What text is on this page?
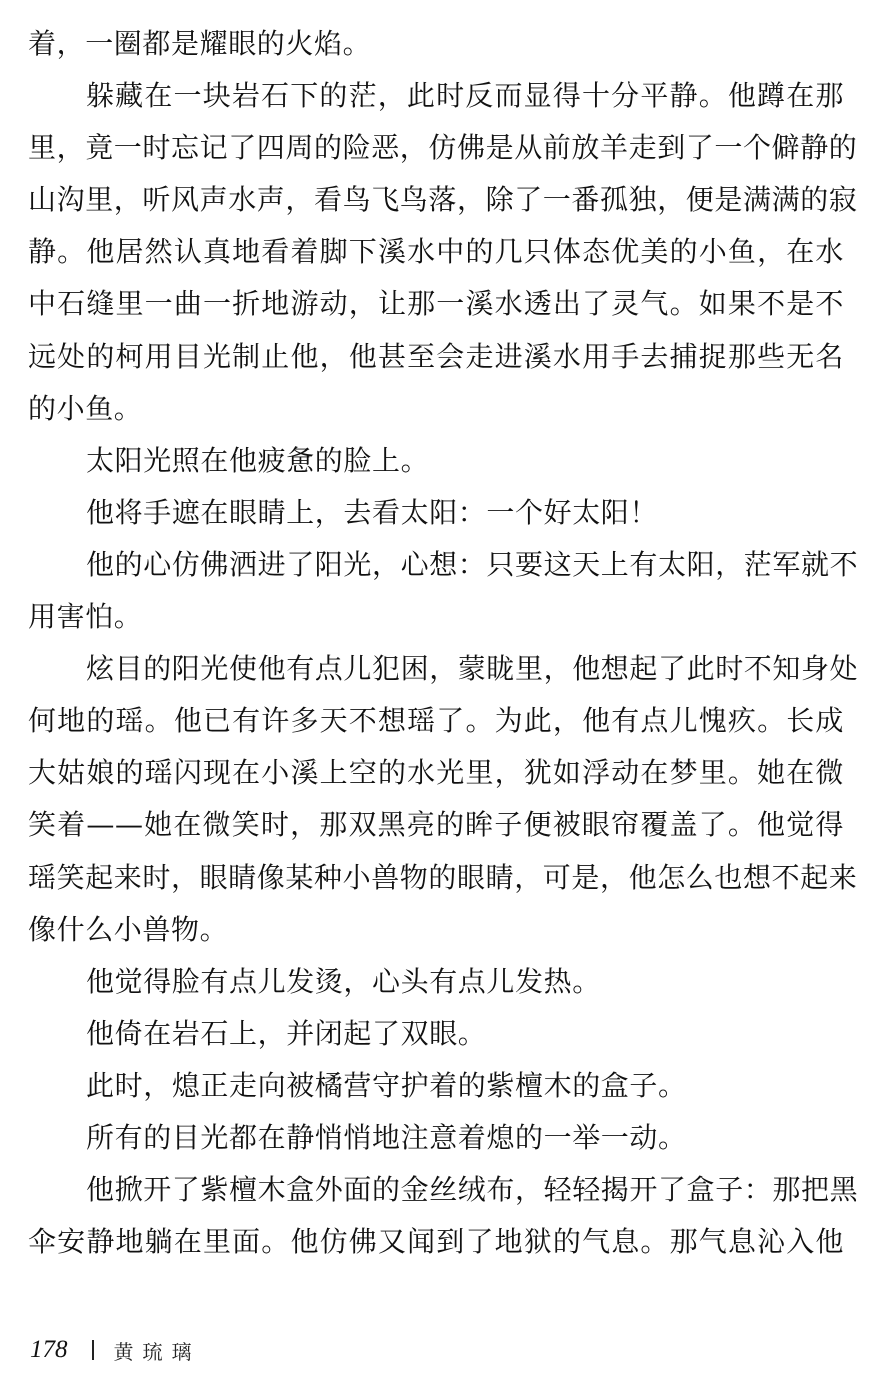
着，一圈都是耀眼的火焰。
躲藏在一块岩石下的茫，此时反而显得十分平静。他蹲在那
里，竟一时忘记了四周的险恶，仿佛是从前放羊走到了一个僻静的
山沟里，听风声水声，看鸟飞鸟落，除了一番孤独，便是满满的寂
静。他居然认真地看着脚下溪水中的几只体态优美的小鱼，在水
中石缝里一曲一折地游动，让那一溪水透出了灵气。如果不是不
远处的柯用目光制止他，他甚至会走进溪水用手去捕捉那些无名
的小鱼。
太阳光照在他疲惫的脸上。
他将手遮在眼睛上，去看太阳：一个好太阳！
他的心仿佛洒进了阳光，心想：只要这天上有太阳，茫军就不
用害怕。
炫目的阳光使他有点儿犯困，蒙眬里，他想起了此时不知身处
何地的瑶。他已有许多天不想瑶了。为此，他有点儿愧疚。长成
大姑娘的瑶闪现在小溪上空的水光里，犹如浮动在梦里。她在微
笑着——她在微笑时，那双黑亮的眸子便被眼帘覆盖了。他觉得
瑶笑起来时，眼睛像某种小兽物的眼睛，可是，他怎么也想不起来
像什么小兽物。
他觉得脸有点儿发烫，心头有点儿发热。
他倚在岩石上，并闭起了双眼。
此时，熄正走向被橘营守护着的紫檀木的盒子。
所有的目光都在静悄悄地注意着熄的一举一动。
他掀开了紫檀木盒外面的金丝绒布，轻轻揭开了盒子：那把黑
伞安静地躺在里面。他仿佛又闻到了地狱的气息。那气息沁入他
178 黄琉璃
